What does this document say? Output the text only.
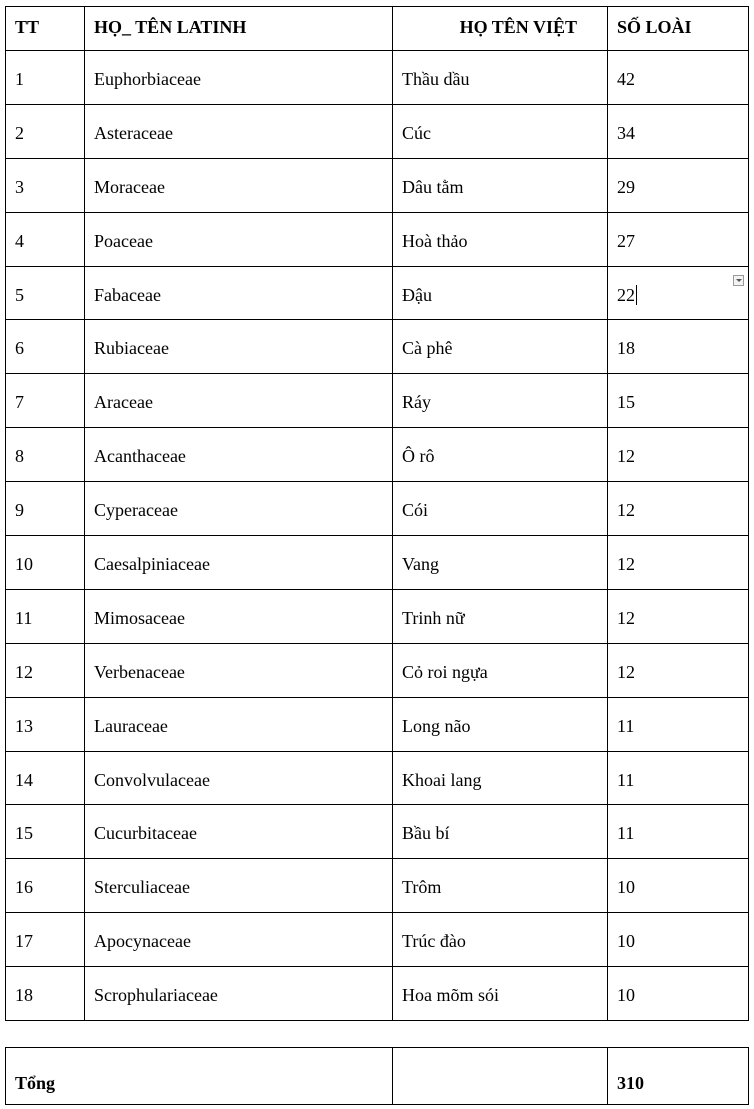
TT	HỌ_ TÊN LATINH	HỌ TÊN VIỆT	SỐ LOÀI
1	Euphorbiaceae	Thầu dầu	42
2	Asteraceae	Cúc	34
3	Moraceae	Dâu tằm	29
4	Poaceae	Hoà thảo	27
5	Fabaceae	Đậu	22
6	Rubiaceae	Cà phê	18
7	Araceae	Ráy	15
8	Acanthaceae	Ô rô	12
9	Cyperaceae	Cói	12
10	Caesalpiniaceae	Vang	12
11	Mimosaceae	Trinh nữ	12
12	Verbenaceae	Cỏ roi ngựa	12
13	Lauraceae	Long não	11
14	Convolvulaceae	Khoai lang	11
15	Cucurbitaceae	Bầu bí	11
16	Sterculiaceae	Trôm	10
17	Apocynaceae	Trúc đào	10
18	Scrophulariaceae	Hoa mõm sói	10
Tổng		310
